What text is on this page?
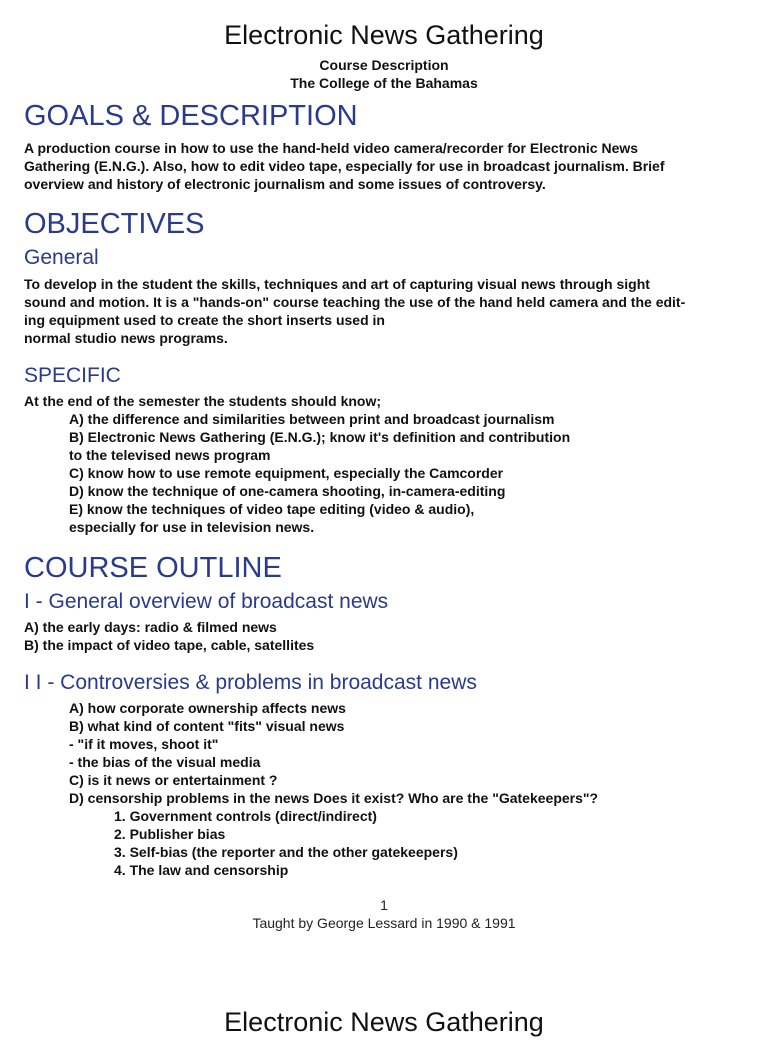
Electronic News Gathering
Course Description
The College of the Bahamas
GOALS & DESCRIPTION
A production course in how to use the hand-held video camera/recorder for Electronic News
Gathering (E.N.G.). Also, how to edit video tape, especially for use in broadcast journalism. Brief
overview and history of electronic journalism and some issues of controversy.
OBJECTIVES
General
To develop in the student the skills, techniques and art of capturing visual news through sight
sound and motion. It is a "hands-on" course teaching the use of the hand held camera and the edit-
ing equipment used to create the short inserts used in
normal studio news programs.
SPECIFIC
At the end of the semester the students should know;
A) the difference and similarities between print and broadcast journalism
B) Electronic News Gathering (E.N.G.); know it's definition and contribution
to the televised news program
C) know how to use remote equipment, especially the Camcorder
D) know the technique of one-camera shooting, in-camera-editing
E) know the techniques of video tape editing (video & audio),
especially for use in television news.
COURSE OUTLINE
I - General overview of broadcast news
A) the early days: radio & filmed news
B) the impact of video tape, cable, satellites
I I - Controversies & problems in broadcast news
A) how corporate ownership affects news
B) what kind of content "fits" visual news
- "if it moves, shoot it"
- the bias of the visual media
C) is it news or entertainment ?
D) censorship problems in the news Does it exist? Who are the "Gatekeepers"?
1. Government controls (direct/indirect)
2. Publisher bias
3. Self-bias (the reporter and the other gatekeepers)
4. The law and censorship
1
Taught by George Lessard in 1990 & 1991
Electronic News Gathering
